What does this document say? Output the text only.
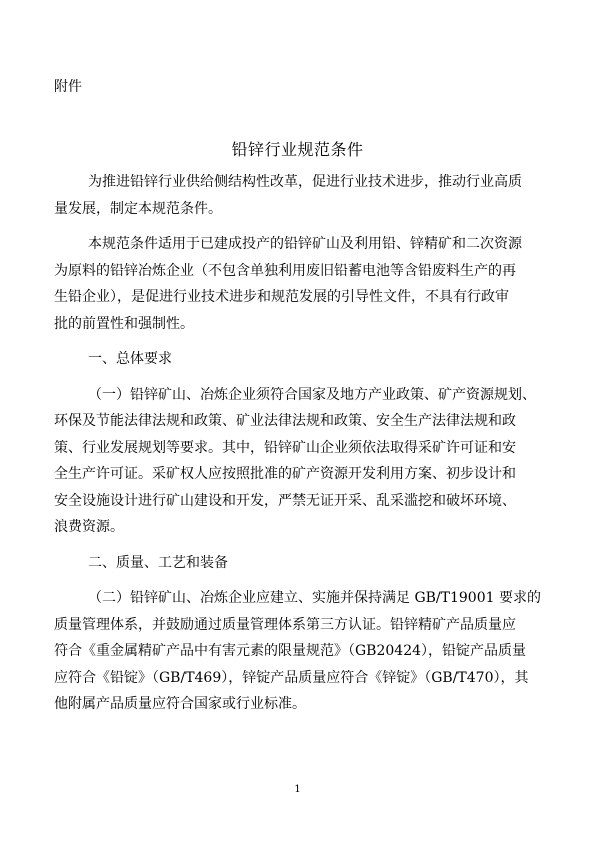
附件
铅锌行业规范条件

为推进铅锌行业供给侧结构性改革，促进行业技术进步，推动行业高质
量发展，制定本规范条件。

本规范条件适用于已建成投产的铅锌矿山及利用铅、锌精矿和二次资源
为原料的铅锌冶炼企业（不包含单独利用废旧铅蓄电池等含铅废料生产的再
生铅企业），是促进行业技术进步和规范发展的引导性文件，不具有行政审
批的前置性和强制性。

一、总体要求

（一）铅锌矿山、冶炼企业须符合国家及地方产业政策、矿产资源规划、
环保及节能法律法规和政策、矿业法律法规和政策、安全生产法律法规和政
策、行业发展规划等要求。其中，铅锌矿山企业须依法取得采矿许可证和安
全生产许可证。采矿权人应按照批准的矿产资源开发利用方案、初步设计和
安全设施设计进行矿山建设和开发，严禁无证开采、乱采滥挖和破坏环境、
浪费资源。

二、质量、工艺和装备

（二）铅锌矿山、冶炼企业应建立、实施并保持满足 GB/T19001 要求的
质量管理体系，并鼓励通过质量管理体系第三方认证。铅锌精矿产品质量应
符合《重金属精矿产品中有害元素的限量规范》（GB20424），铅锭产品质量
应符合《铅锭》（GB/T469），锌锭产品质量应符合《锌锭》（GB/T470），其
他附属产品质量应符合国家或行业标准。

1
